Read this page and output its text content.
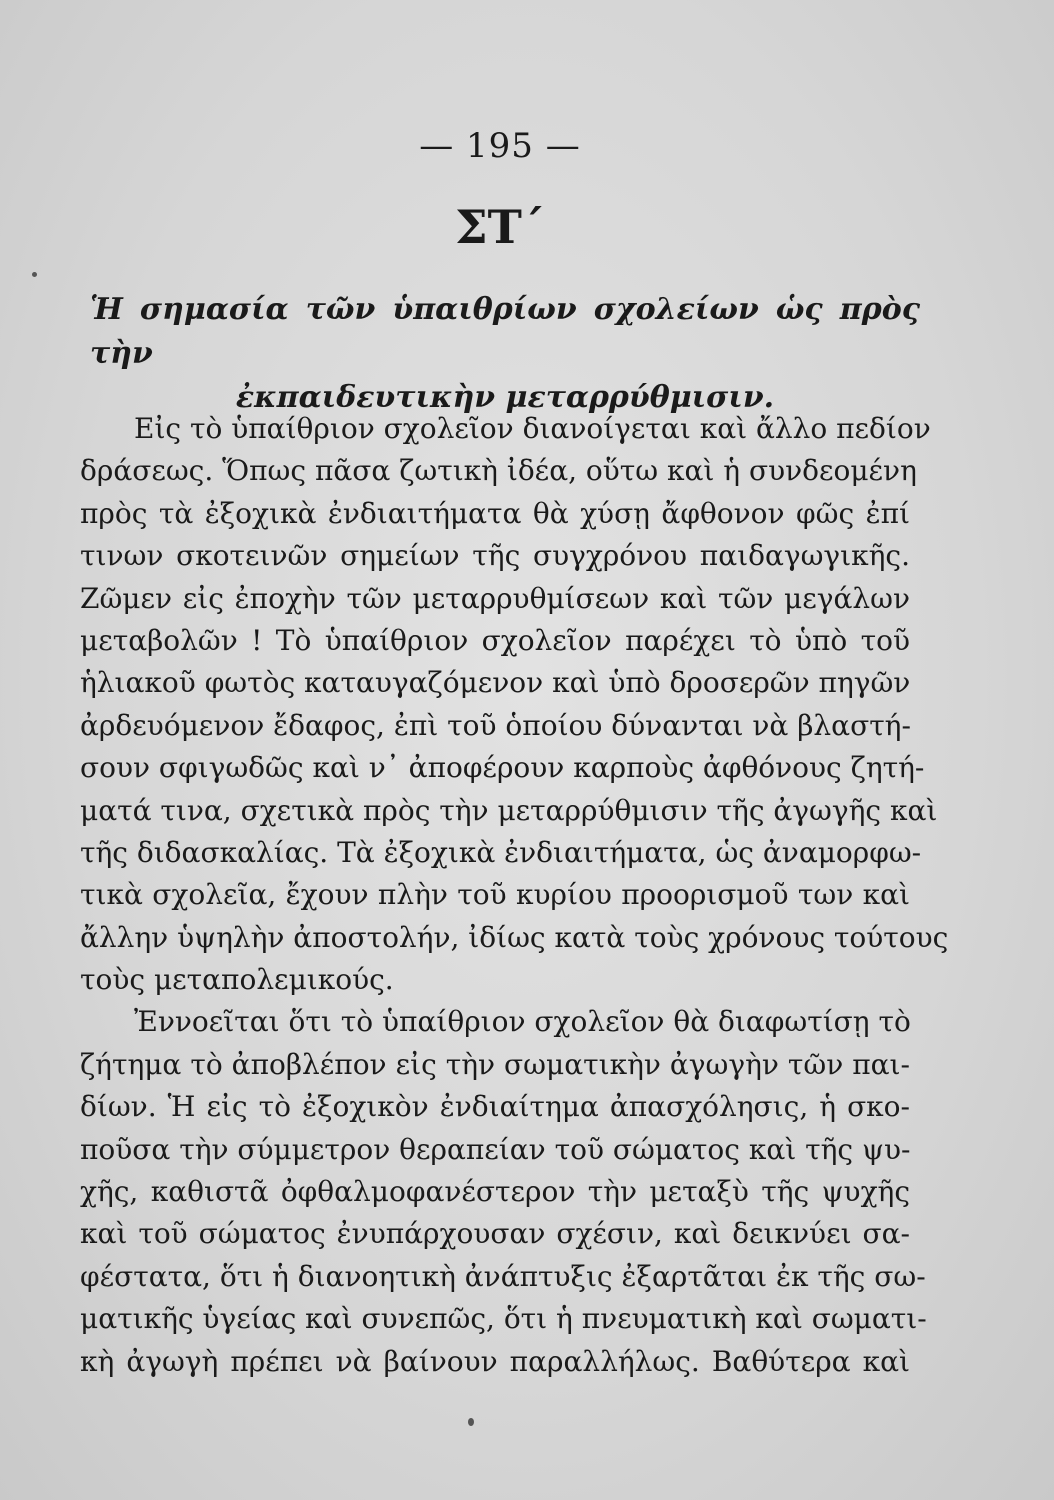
— 195 —
ΣΤ΄
Ἡ σημασία τῶν ὑπαιθρίων σχολείων ὡς πρὸς τὴν
ἐκπαιδευτικὴν μεταρρύθμισιν.
Εἰς τὸ ὑπαίθριον σχολεῖον διανοίγεται καὶ ἄλλο πεδίον
δράσεως. Ὅπως πᾶσα ζωτικὴ ἰδέα, οὕτω καὶ ἡ συνδεομένη
πρὸς τὰ ἐξοχικὰ ἐνδιαιτήματα θὰ χύσῃ ἄφθονον φῶς ἐπί
τινων σκοτεινῶν σημείων τῆς συγχρόνου παιδαγωγικῆς.
Ζῶμεν εἰς ἐποχὴν τῶν μεταρρυθμίσεων καὶ τῶν μεγάλων
μεταβολῶν ! Τὸ ὑπαίθριον σχολεῖον παρέχει τὸ ὑπὸ τοῦ
ἡλιακοῦ φωτὸς καταυγαζόμενον καὶ ὑπὸ δροσερῶν πηγῶν
ἀρδευόμενον ἔδαφος, ἐπὶ τοῦ ὁποίου δύνανται νὰ βλαστή-
σουν σφιγωδῶς καὶ ν᾽ ἀποφέρουν καρποὺς ἀφθόνους ζητή-
ματά τινα, σχετικὰ πρὸς τὴν μεταρρύθμισιν τῆς ἀγωγῆς καὶ
τῆς διδασκαλίας. Τὰ ἐξοχικὰ ἐνδιαιτήματα, ὡς ἀναμορφω-
τικὰ σχολεῖα, ἔχουν πλὴν τοῦ κυρίου προορισμοῦ των καὶ
ἄλλην ὑψηλὴν ἀποστολήν, ἰδίως κατὰ τοὺς χρόνους τούτους
τοὺς μεταπολεμικούς.
Ἐννοεῖται ὅτι τὸ ὑπαίθριον σχολεῖον θὰ διαφωτίσῃ τὸ
ζήτημα τὸ ἀποβλέπον εἰς τὴν σωματικὴν ἀγωγὴν τῶν παι-
δίων. Ἡ εἰς τὸ ἐξοχικὸν ἐνδιαίτημα ἀπασχόλησις, ἡ σκο-
ποῦσα τὴν σύμμετρον θεραπείαν τοῦ σώματος καὶ τῆς ψυ-
χῆς, καθιστᾶ ὀφθαλμοφανέστερον τὴν μεταξὺ τῆς ψυχῆς
καὶ τοῦ σώματος ἐνυπάρχουσαν σχέσιν, καὶ δεικνύει σα-
φέστατα, ὅτι ἡ διανοητικὴ ἀνάπτυξις ἐξαρτᾶται ἐκ τῆς σω-
ματικῆς ὑγείας καὶ συνεπῶς, ὅτι ἡ πνευματικὴ καὶ σωματι-
κὴ ἀγωγὴ πρέπει νὰ βαίνουν παραλλήλως. Βαθύτερα καὶ
